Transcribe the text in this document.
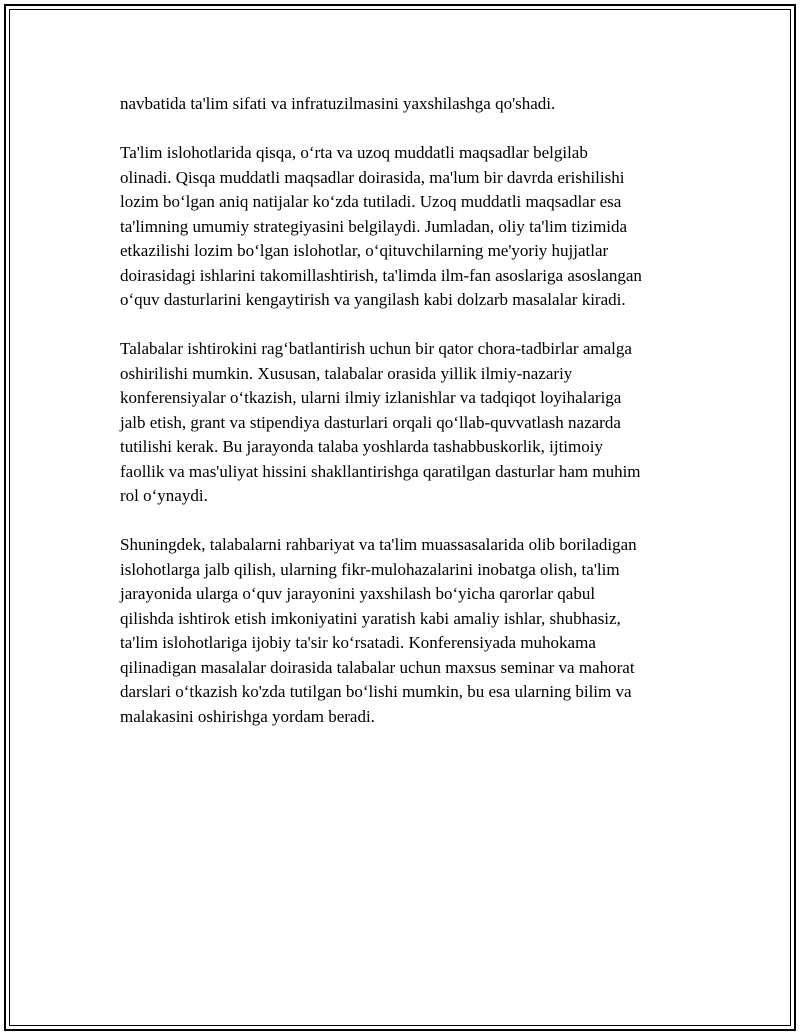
navbatida ta'lim sifati va infratuzilmasini yaxshilashga qo'shadi.

Ta'lim islohotlarida qisqa, o‘rta va uzoq muddatli maqsadlar belgilab
olinadi. Qisqa muddatli maqsadlar doirasida, ma'lum bir davrda erishilishi
lozim bo‘lgan aniq natijalar ko‘zda tutiladi. Uzoq muddatli maqsadlar esa
ta'limning umumiy strategiyasini belgilaydi. Jumladan, oliy ta'lim tizimida
etkazilishi lozim bo‘lgan islohotlar, o‘qituvchilarning me'yoriy hujjatlar
doirasidagi ishlarini takomillashtirish, ta'limda ilm-fan asoslariga asoslangan
o‘quv dasturlarini kengaytirish va yangilash kabi dolzarb masalalar kiradi.

Talabalar ishtirokini rag‘batlantirish uchun bir qator chora-tadbirlar amalga
oshirilishi mumkin. Xususan, talabalar orasida yillik ilmiy-nazariy
konferensiyalar o‘tkazish, ularni ilmiy izlanishlar va tadqiqot loyihalariga
jalb etish, grant va stipendiya dasturlari orqali qo‘llab-quvvatlash nazarda
tutilishi kerak. Bu jarayonda talaba yoshlarda tashabbuskorlik, ijtimoiy
faollik va mas'uliyat hissini shakllantirishga qaratilgan dasturlar ham muhim
rol o‘ynaydi.

Shuningdek, talabalarni rahbariyat va ta'lim muassasalarida olib boriladigan
islohotlarga jalb qilish, ularning fikr-mulohazalarini inobatga olish, ta'lim
jarayonida ularga o‘quv jarayonini yaxshilash bo‘yicha qarorlar qabul
qilishda ishtirok etish imkoniyatini yaratish kabi amaliy ishlar, shubhasiz,
ta'lim islohotlariga ijobiy ta'sir ko‘rsatadi. Konferensiyada muhokama
qilinadigan masalalar doirasida talabalar uchun maxsus seminar va mahorat
darslari o‘tkazish ko'zda tutilgan bo‘lishi mumkin, bu esa ularning bilim va
malakasini oshirishga yordam beradi.
